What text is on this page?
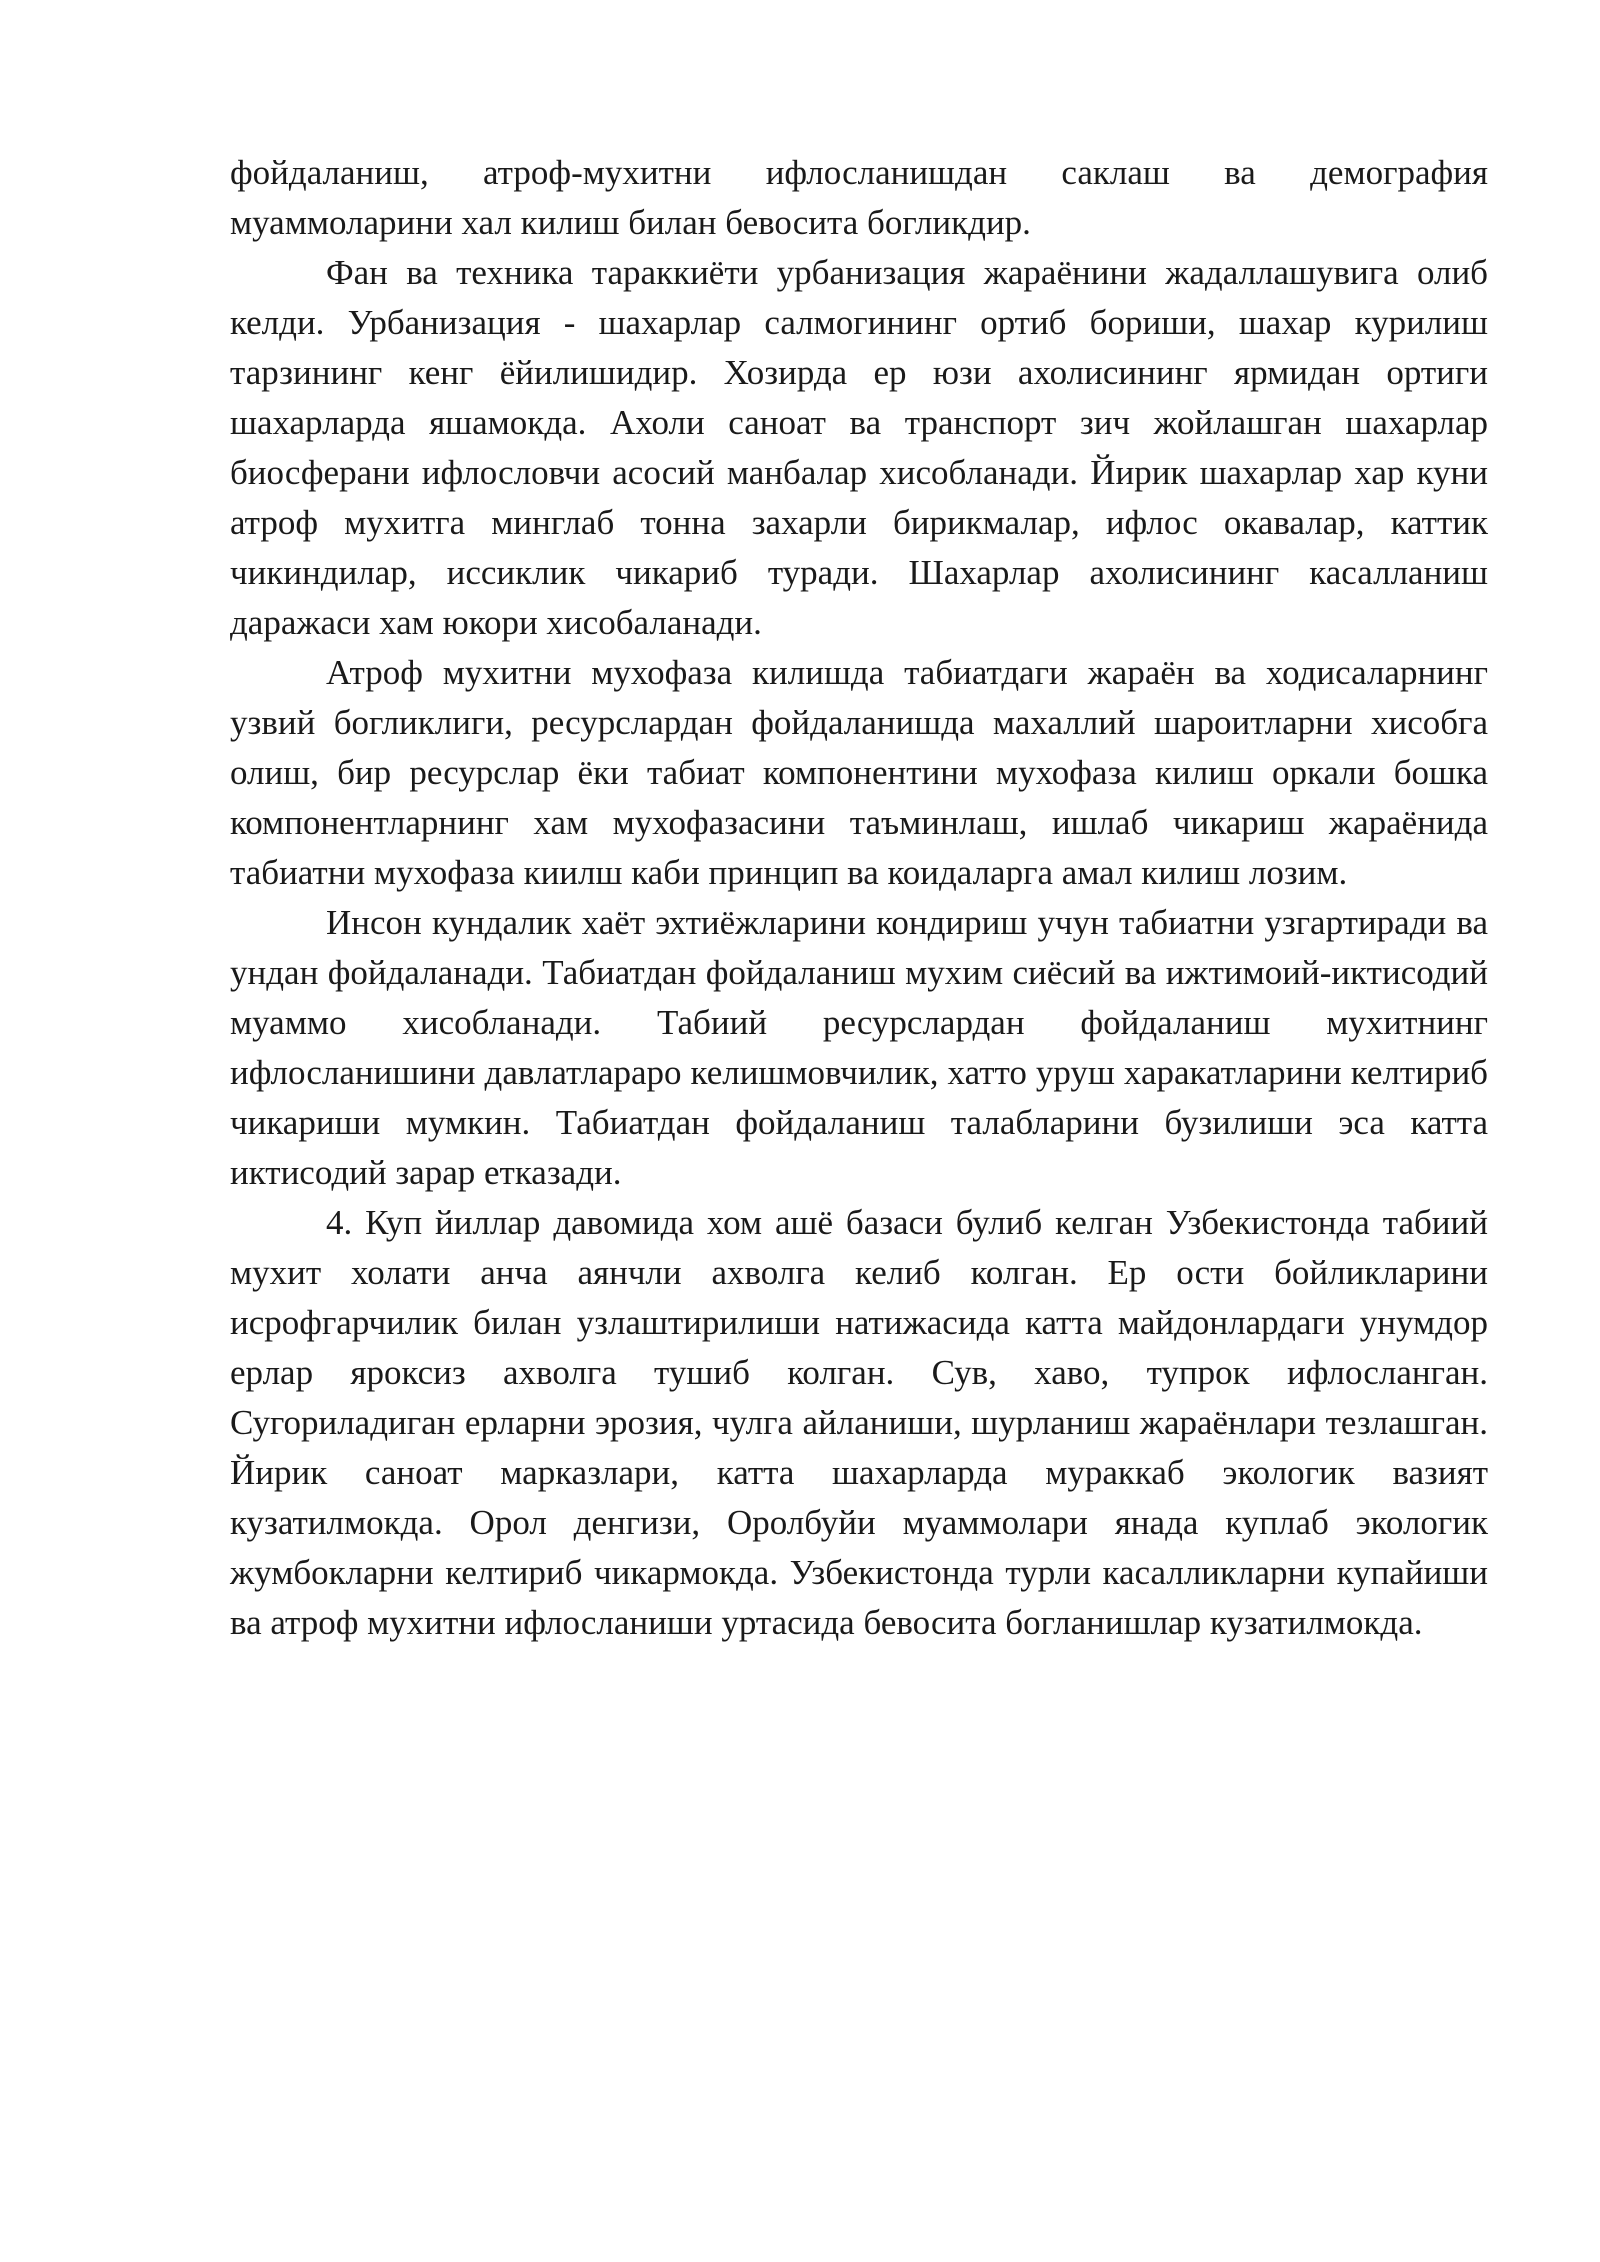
фойдаланиш, атроф-мухитни ифлосланишдан саклаш ва демография муаммоларини хал килиш билан бевосита богликдир.

Фан ва техника тараккиёти урбанизация жараёнини жадаллашувига олиб келди. Урбанизация - шахарлар салмогининг ортиб бориши, шахар курилиш тарзининг кенг ёйилишидир. Хозирда ер юзи ахолисининг ярмидан ортиги шахарларда яшамокда. Ахоли саноат ва транспорт зич жойлашган шахарлар биосферани ифлословчи асосий манбалар хисобланади. Йирик шахарлар хар куни атроф мухитга минглаб тонна захарли бирикмалар, ифлос окавалар, каттик чикиндилар, иссиклик чикариб туради. Шахарлар ахолисининг касалланиш даражаси хам юкори хисобаланади.

Атроф мухитни мухофаза килишда табиатдаги жараён ва ходисаларнинг узвий богликлиги, ресурслардан фойдаланишда махаллий шароитларни хисобга олиш, бир ресурслар ёки табиат компонентини мухофаза килиш оркали бошка компонентларнинг хам мухофазасини таъминлаш, ишлаб чикариш жараёнида табиатни мухофаза киилш каби принцип ва коидаларга амал килиш лозим.

Инсон кундалик хаёт эхтиёжларини кондириш учун табиатни узгартиради ва ундан фойдаланади. Табиатдан фойдаланиш мухим сиёсий ва ижтимоий-иктисодий муаммо хисобланади. Табиий ресурслардан фойдаланиш мухитнинг ифлосланишини давлатлараро келишмовчилик, хатто уруш харакатларини келтириб чикариши мумкин. Табиатдан фойдаланиш талабларини бузилиши эса катта иктисодий зарар етказади.

4. Куп йиллар давомида хом ашё базаси булиб келган Узбекистонда табиий мухит холати анча аянчли ахволга келиб колган. Ер ости бойликларини исрофгарчилик билан узлаштирилиши натижасида катта майдонлардаги унумдор ерлар яроксиз ахволга тушиб колган. Сув, хаво, тупрок ифлосланган. Сугориладиган ерларни эрозия, чулга айланиши, шурланиш жараёнлари тезлашган. Йирик саноат марказлари, катта шахарларда мураккаб экологик вазият кузатилмокда. Орол денгизи, Оролбуйи муаммолари янада куплаб экологик жумбокларни келтириб чикармокда. Узбекистонда турли касалликларни купайиши ва атроф мухитни ифлосланиши уртасида бевосита богланишлар кузатилмокда.
